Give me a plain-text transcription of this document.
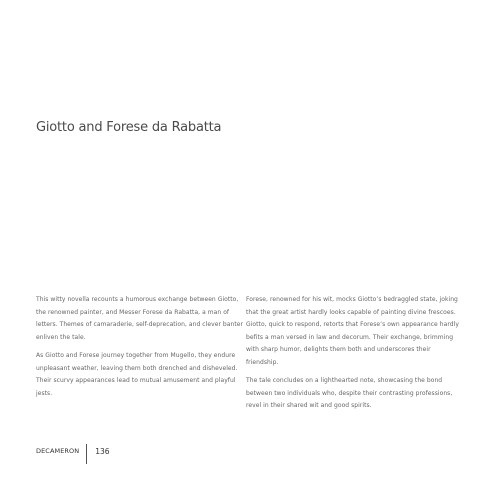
Giotto and Forese da Rabatta

This witty novella recounts a humorous exchange between Giotto, the renowned painter, and Messer Forese da Rabatta, a man of letters. Themes of camaraderie, self-deprecation, and clever banter enliven the tale.

As Giotto and Forese journey together from Mugello, they endure unpleasant weather, leaving them both drenched and disheveled. Their scurvy appearances lead to mutual amusement and playful jests.

Forese, renowned for his wit, mocks Giotto’s bedraggled state, joking that the great artist hardly looks capable of painting divine frescoes. Giotto, quick to respond, retorts that Forese’s own appearance hardly befits a man versed in law and decorum. Their exchange, brimming with sharp humor, delights them both and underscores their friendship.

The tale concludes on a lighthearted note, showcasing the bond between two individuals who, despite their contrasting professions, revel in their shared wit and good spirits.

DECAMERON 136
